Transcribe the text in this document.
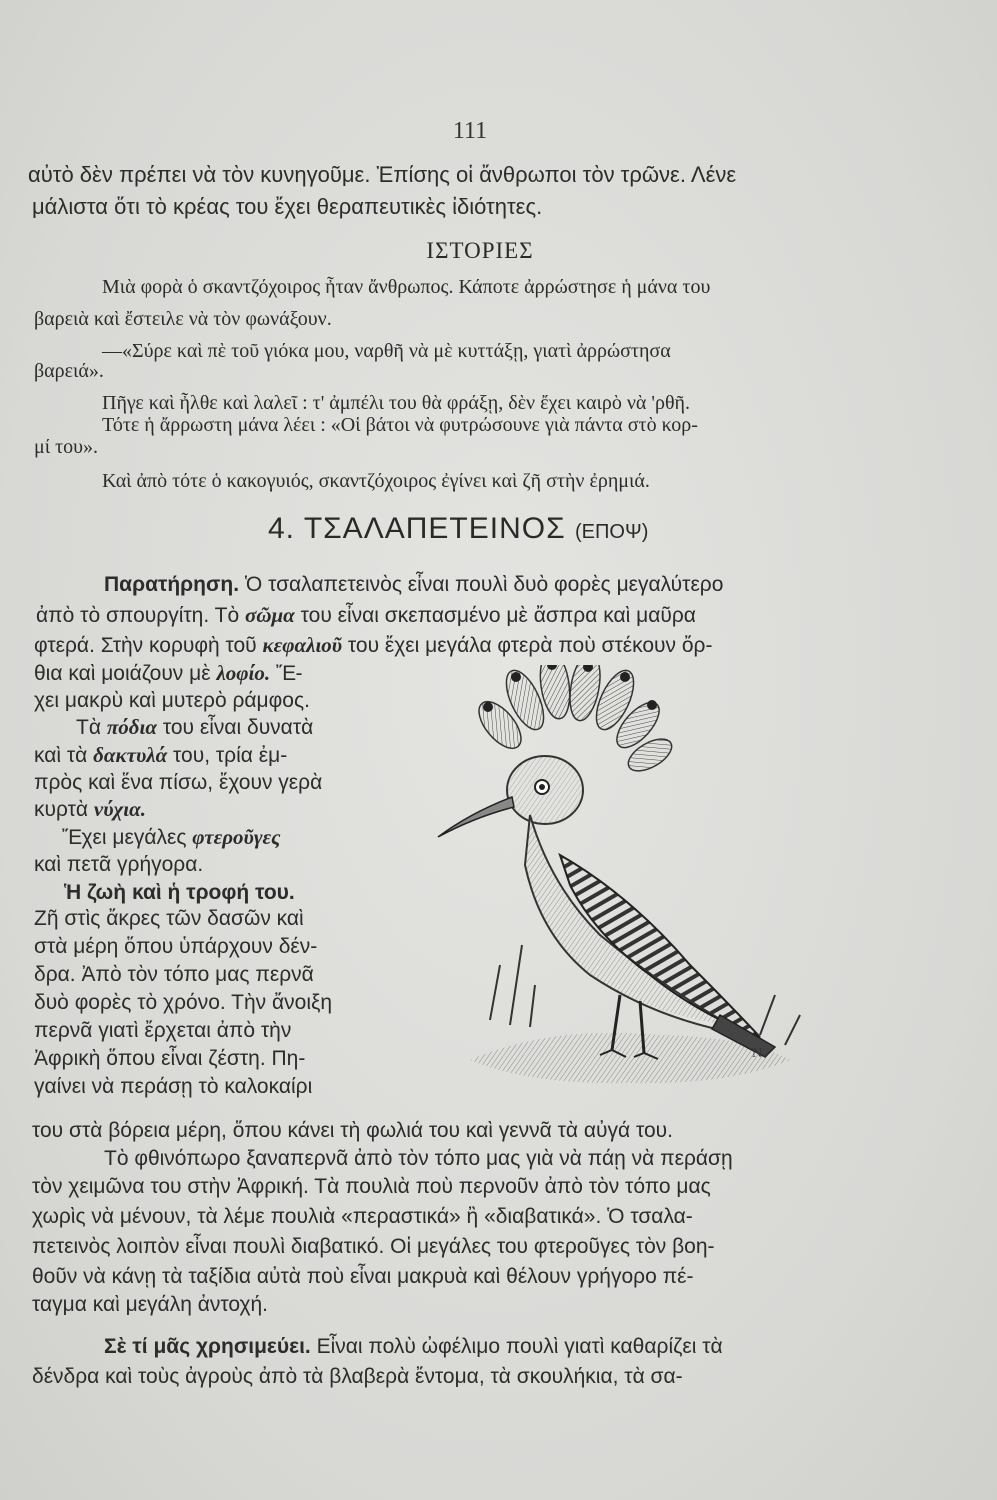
111
αὐτὸ δὲν πρέπει νὰ τὸν κυνηγοῦμε. Ἐπίσης οἱ ἄνθρωποι τὸν τρῶνε. Λένε
μάλιστα ὅτι τὸ κρέας του ἔχει θεραπευτικὲς ἰδιότητες.
ΙΣΤΟΡΙΕΣ
Μιὰ φορὰ ὁ σκαντζόχοιρος ἦταν ἄνθρωπος. Κάποτε ἀρρώστησε ἡ μάνα του
βαρειὰ καὶ ἔστειλε νὰ τὸν φωνάξουν.
—«Σύρε καὶ πὲ τοῦ γιόκα μου, ναρθῆ νὰ μὲ κυττάξῃ, γιατὶ ἀρρώστησα
βαρειά».
Πῆγε καὶ ἦλθε καὶ λαλεῖ : τ' ἀμπέλι του θὰ φράξῃ, δὲν ἔχει καιρὸ νὰ 'ρθῆ.
Τότε ἡ ἄρρωστη μάνα λέει : «Οἱ βάτοι νὰ φυτρώσουνε γιὰ πάντα στὸ κορ-
μί του».
Καὶ ἀπὸ τότε ὁ κακογυιός, σκαντζόχοιρος ἐγίνει καὶ ζῆ στὴν ἐρημιά.
4. ΤΣΑΛΑΠΕΤΕΙΝΟΣ (ΕΠΟΨ)
Παρατήρηση. Ὁ τσαλαπετεινὸς εἶναι πουλὶ δυὸ φορὲς μεγαλύτερο
ἀπὸ τὸ σπουργίτη. Τὸ σῶμα του εἶναι σκεπασμένο μὲ ἄσπρα καὶ μαῦρα
φτερά. Στὴν κορυφὴ τοῦ κεφαλιοῦ του ἔχει μεγάλα φτερὰ ποὺ στέκουν ὄρ-
θια καὶ μοιάζουν μὲ λοφίο. Ἔ-
χει μακρὺ καὶ μυτερὸ ράμφος.
Τὰ πόδια του εἶναι δυνατὰ
καὶ τὰ δακτυλά του, τρία ἐμ-
πρὸς καὶ ἕνα πίσω, ἔχουν γερὰ
κυρτὰ νύχια.
Ἔχει μεγάλες φτεροῦγες
καὶ πετᾶ γρήγορα.
Ἡ ζωὴ καὶ ἡ τροφή του.
Ζῆ στὶς ἄκρες τῶν δασῶν καὶ
στὰ μέρη ὅπου ὑπάρχουν δέν-
δρα. Ἀπὸ τὸν τόπο μας περνᾶ
δυὸ φορὲς τὸ χρόνο. Τὴν ἄνοιξη
περνᾶ γιατὶ ἔρχεται ἀπὸ τὴν
Ἀφρικὴ ὅπου εἶναι ζέστη. Πη-
γαίνει νὰ περάσῃ τὸ καλοκαίρι
του στὰ βόρεια μέρη, ὅπου κάνει τὴ φωλιά του καὶ γεννᾶ τὰ αὐγά του.
Τὸ φθινόπωρο ξαναπερνᾶ ἀπὸ τὸν τόπο μας γιὰ νὰ πάῃ νὰ περάσῃ
τὸν χειμῶνα του στὴν Ἀφρική. Τὰ πουλιὰ ποὺ περνοῦν ἀπὸ τὸν τόπο μας
χωρὶς νὰ μένουν, τὰ λέμε πουλιὰ «περαστικά» ἢ «διαβατικά». Ὁ τσαλα-
πετεινὸς λοιπὸν εἶναι πουλὶ διαβατικό. Οἱ μεγάλες του φτεροῦγες τὸν βοη-
θοῦν νὰ κάνῃ τὰ ταξίδια αὐτὰ ποὺ εἶναι μακρυὰ καὶ θέλουν γρήγορο πέ-
ταγμα καὶ μεγάλη ἀντοχή.
Σὲ τί μᾶς χρησιμεύει. Εἶναι πολὺ ὠφέλιμο πουλὶ γιατὶ καθαρίζει τὰ
δένδρα καὶ τοὺς ἀγροὺς ἀπὸ τὰ βλαβερὰ ἔντομα, τὰ σκουλήκια, τὰ σα-
N.
